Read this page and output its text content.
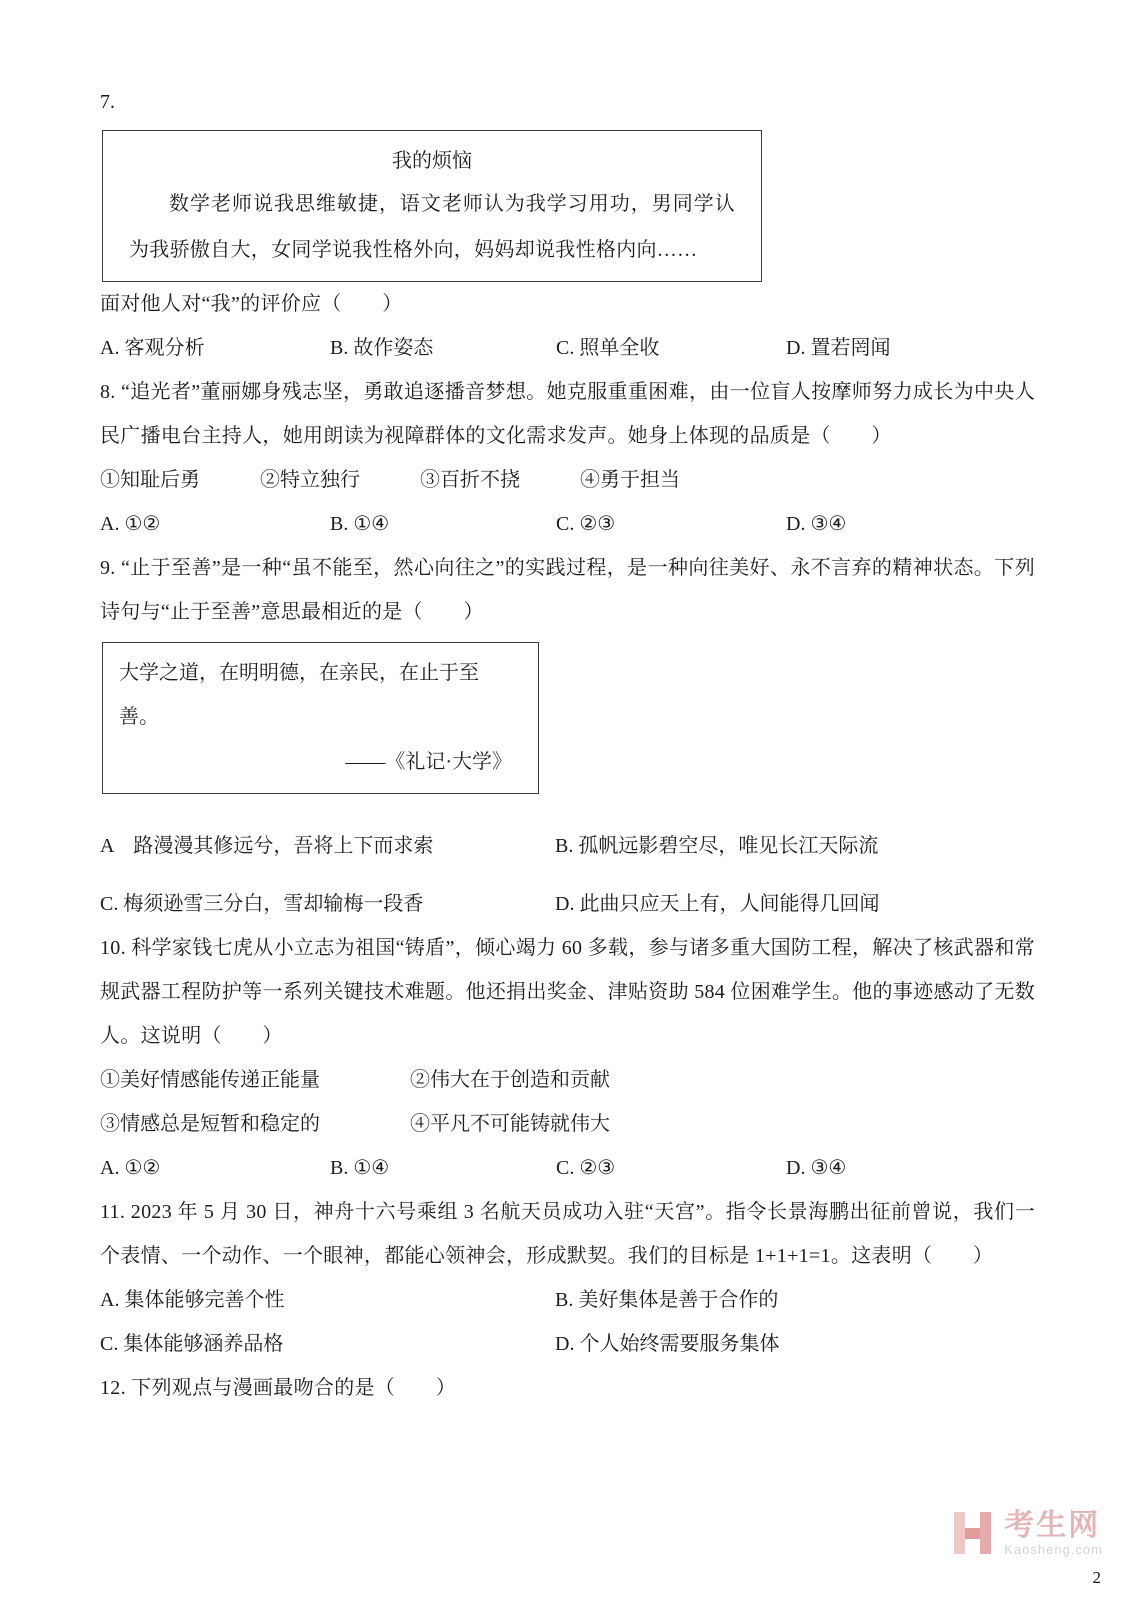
7.
我的烦恼

数学老师说我思维敏捷，语文老师认为我学习用功，男同学认为我骄傲自大，女同学说我性格外向，妈妈却说我性格内向……

面对他人对“我”的评价应（　　）

A. 客观分析	B. 故作姿态	C. 照单全收	D. 置若罔闻

8. “追光者”董丽娜身残志坚，勇敢追逐播音梦想。她克服重重困难，由一位盲人按摩师努力成长为中央人民广播电台主持人，她用朗读为视障群体的文化需求发声。她身上体现的品质是（　　）

①知耻后勇　　　②特立独行　　　③百折不挠　　　④勇于担当
A. ①②	B. ①④	C. ②③	D. ③④

9. “止于至善”是一种“虽不能至，然心向往之”的实践过程，是一种向往美好、永不言弃的精神状态。下列诗句与“止于至善”意思最相近的是（　　）

大学之道，在明明德，在亲民，在止于至善。

——《礼记·大学》

A　路漫漫其修远兮，吾将上下而求索	B. 孤帆远影碧空尽，唯见长江天际流
C. 梅须逊雪三分白，雪却输梅一段香	D. 此曲只应天上有，人间能得几回闻

10. 科学家钱七虎从小立志为祖国“铸盾”，倾心竭力 60 多载，参与诸多重大国防工程，解决了核武器和常规武器工程防护等一系列关键技术难题。他还捐出奖金、津贴资助 584 位困难学生。他的事迹感动了无数人。这说明（　　）

①美好情感能传递正能量	②伟大在于创造和贡献
③情感总是短暂和稳定的	④平凡不可能铸就伟大
A. ①②	B. ①④	C. ②③	D. ③④

11. 2023 年 5 月 30 日，神舟十六号乘组 3 名航天员成功入驻“天宫”。指令长景海鹏出征前曾说，我们一个表情、一个动作、一个眼神，都能心领神会，形成默契。我们的目标是 1+1+1=1。这表明（　　）

A. 集体能够完善个性	B. 美好集体是善于合作的
C. 集体能够涵养品格	D. 个人始终需要服务集体

12. 下列观点与漫画最吻合的是（　　）

考生网
Kaosheng.com
2
